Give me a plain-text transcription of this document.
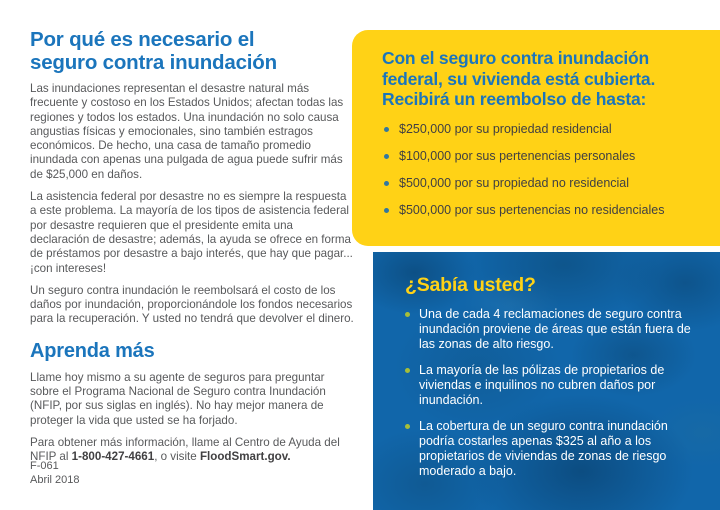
Por qué es necesario el seguro contra inundación

Las inundaciones representan el desastre natural más frecuente y costoso en los Estados Unidos; afectan todas las regiones y todos los estados. Una inundación no solo causa angustias físicas y emocionales, sino también estragos económicos. De hecho, una casa de tamaño promedio inundada con apenas una pulgada de agua puede sufrir más de $25,000 en daños.

La asistencia federal por desastre no es siempre la respuesta a este problema. La mayoría de los tipos de asistencia federal por desastre requieren que el presidente emita una declaración de desastre; además, la ayuda se ofrece en forma de préstamos por desastre a bajo interés, que hay que pagar... ¡con intereses!

Un seguro contra inundación le reembolsará el costo de los daños por inundación, proporcionándole los fondos necesarios para la recuperación. Y usted no tendrá que devolver el dinero.

Aprenda más

Llame hoy mismo a su agente de seguros para preguntar sobre el Programa Nacional de Seguro contra Inundación (NFIP, por sus siglas en inglés). No hay mejor manera de proteger la vida que usted se ha forjado.

Para obtener más información, llame al Centro de Ayuda del NFIP al 1-800-427-4661, o visite FloodSmart.gov.

F-061
Abril 2018
Con el seguro contra inundación federal, su vivienda está cubierta. Recibirá un reembolso de hasta:
$250,000 por su propiedad residencial
$100,000 por sus pertenencias personales
$500,000 por su propiedad no residencial
$500,000 por sus pertenencias no residenciales
¿Sabía usted?
Una de cada 4 reclamaciones de seguro contra inundación proviene de áreas que están fuera de las zonas de alto riesgo.
La mayoría de las pólizas de propietarios de viviendas e inquilinos no cubren daños por inundación.
La cobertura de un seguro contra inundación podría costarles apenas $325 al año a los propietarios de viviendas de zonas de riesgo moderado a bajo.
